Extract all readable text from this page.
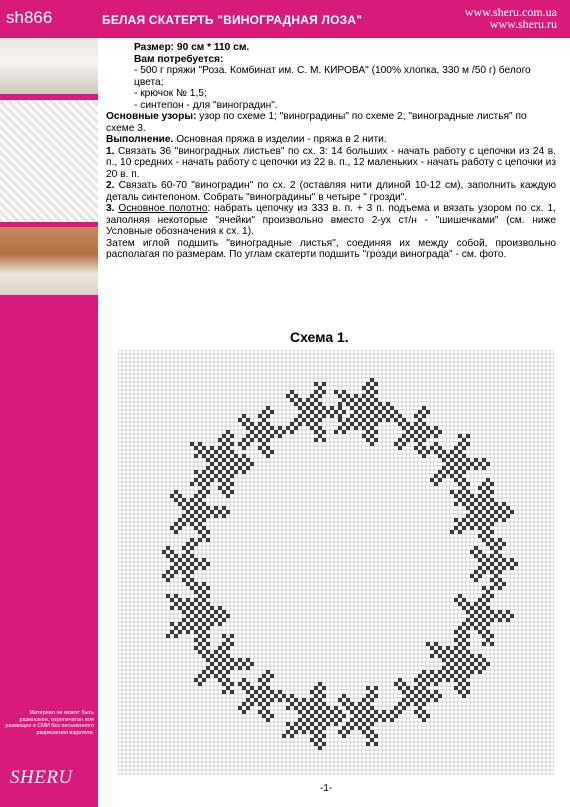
sh866	БЕЛАЯ СКАТЕРТЬ "ВИНОГРАДНАЯ ЛОЗА"
www.sheru.com.ua
www.sheru.ru
Материал не может быть размножен, перепечатан или размещен в СМИ без письменного разрешения издателя.
SHERU

Размер: 90 см * 110 см.

Вам потребуется:

- 500 г пряжи "Роза. Комбинат им. С. М. КИРОВА" (100% хлопка, 330 м /50 г) белого цвета;

- крючок № 1,5;

- синтепон - для "виноградин".

Основные узоры: узор по схеме 1; "виноградины" по схеме 2; "виноградные листья" по схеме 3.

Выполнение. Основная пряжа в изделии - пряжа в 2 нити.

1. Связать 36 "виноградных листьев" по сх. 3: 14 больших - начать работу с цепочки из 24 в. п., 10 средних - начать работу с цепочки из 22 в. п., 12 маленьких - начать работу с цепочки из 20 в. п.

2. Связать 60-70 "виноградин" по сх. 2 (оставляя нити длиной 10-12 см), заполнить каждую деталь синтепоном. Собрать "виноградины" в четыре " грозди".

3. Основное полотно: набрать цепочку из 333 в. п. + 3 п. подъема и вязать узором по сх. 1, заполняя некоторые "ячейки" произвольно вместо 2-ух ст/н - "шишечками" (см. ниже Условные обозначения к сх. 1).

Затем иглой подшить "виноградные листья", соединяя их между собой, произвольно располагая по размерам. По углам скатерти подшить "грозди винограда" - см. фото.

Схема 1.
-1-
